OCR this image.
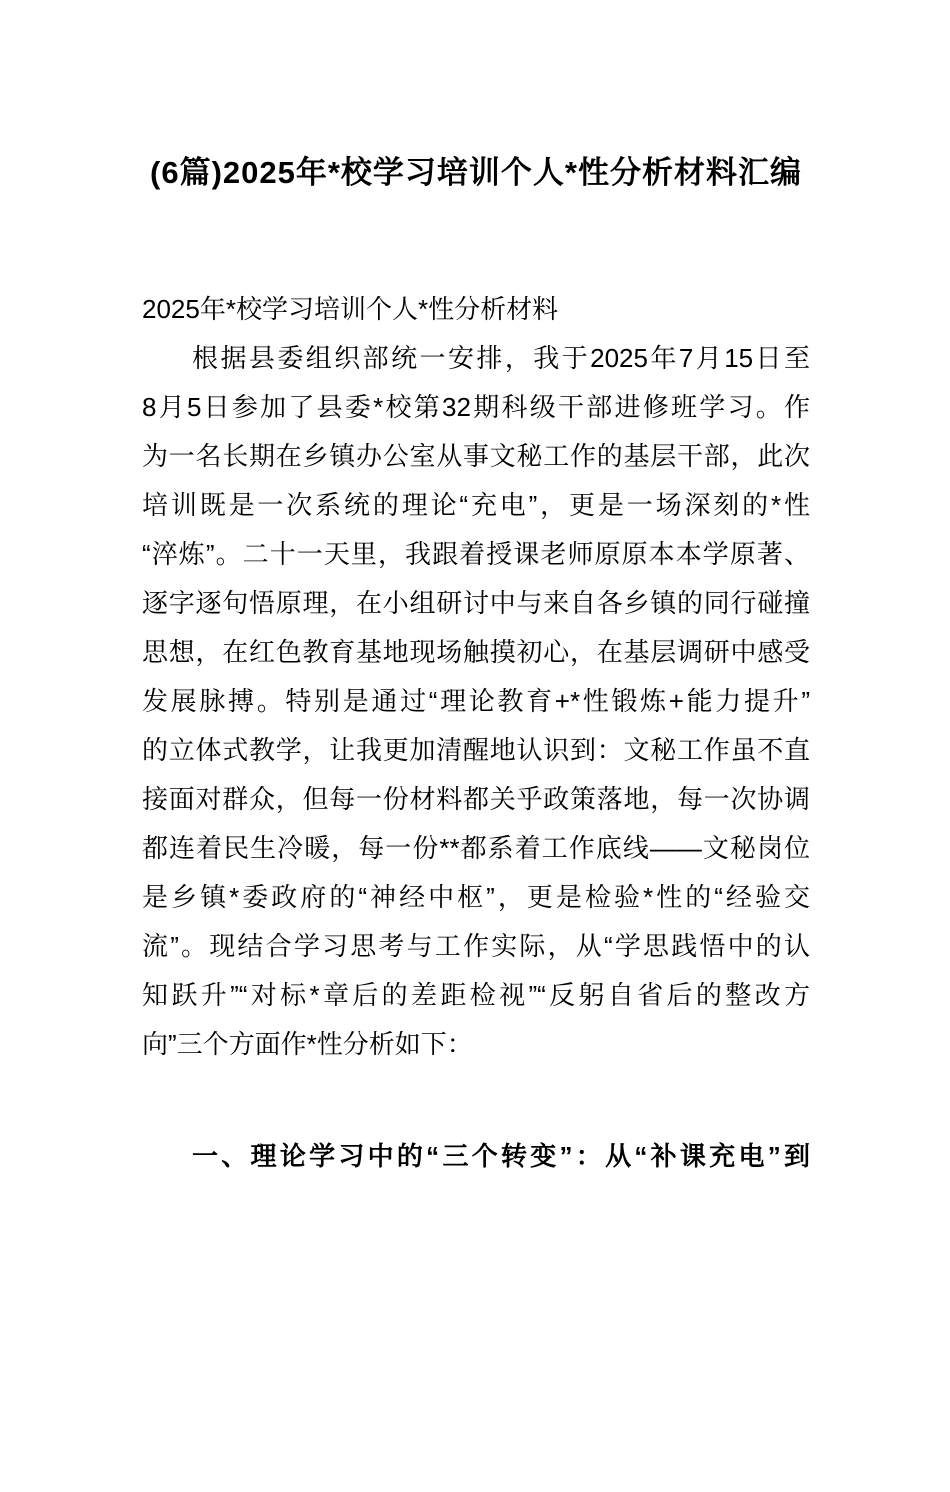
(6篇)2025年*校学习培训个人*性分析材料汇编
2025年*校学习培训个人*性分析材料
根据县委组织部统一安排，我于2025年7月15日至
8月5日参加了县委*校第32期科级干部进修班学习。作
为一名长期在乡镇办公室从事文秘工作的基层干部，此次
培训既是一次系统的理论“充电”，更是一场深刻的*性
“淬炼”。二十一天里，我跟着授课老师原原本本学原著、
逐字逐句悟原理，在小组研讨中与来自各乡镇的同行碰撞
思想，在红色教育基地现场触摸初心，在基层调研中感受
发展脉搏。特别是通过“理论教育+*性锻炼+能力提升”
的立体式教学，让我更加清醒地认识到：文秘工作虽不直
接面对群众，但每一份材料都关乎政策落地，每一次协调
都连着民生冷暖，每一份**都系着工作底线——文秘岗位
是乡镇*委政府的“神经中枢”，更是检验*性的“经验交
流”。现结合学习思考与工作实际，从“学思践悟中的认
知跃升”“对标*章后的差距检视”“反躬自省后的整改方
向”三个方面作*性分析如下：
一、理论学习中的“三个转变”：从“补课充电”到
